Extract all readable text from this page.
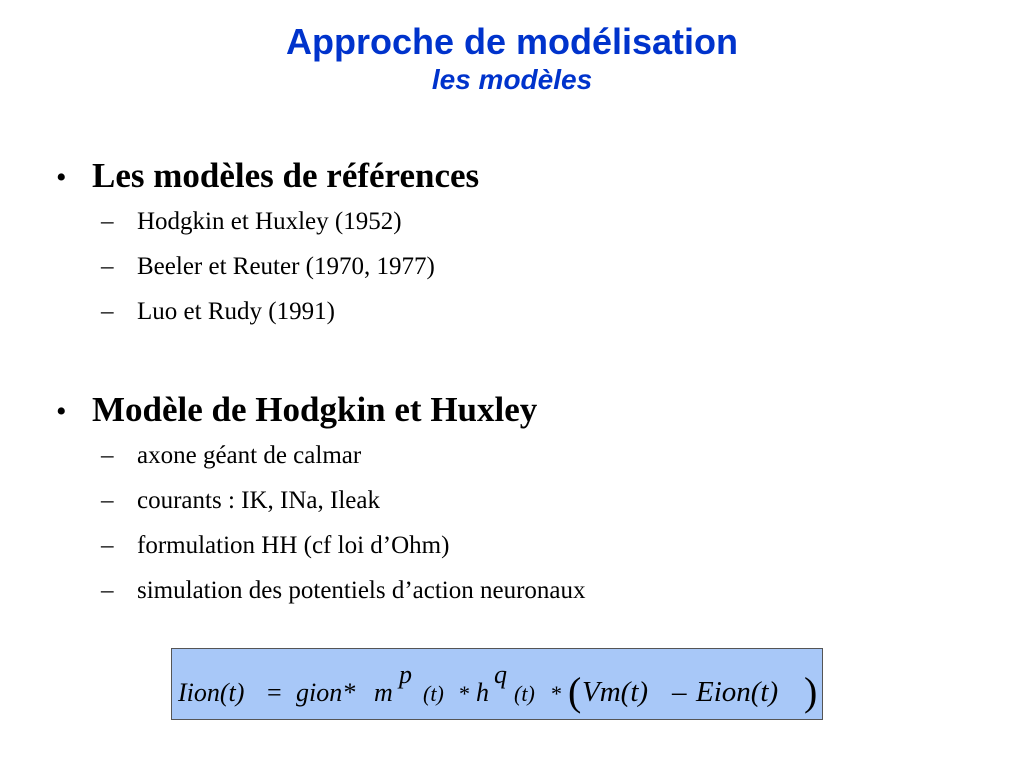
Approche de modélisation
les modèles
• Les modèles de références
– Hodgkin et Huxley (1952)
– Beeler et Reuter (1970, 1977)
– Luo et Rudy (1991)
• Modèle de Hodgkin et Huxley
– axone géant de calmar
– courants : IK, INa, Ileak
– formulation HH (cf loi d’Ohm)
– simulation des potentiels d’action neuronaux
Iion(t) = gion* m
p
(t) * h
q
(t) * ( Vm(t) – Eion(t) )
